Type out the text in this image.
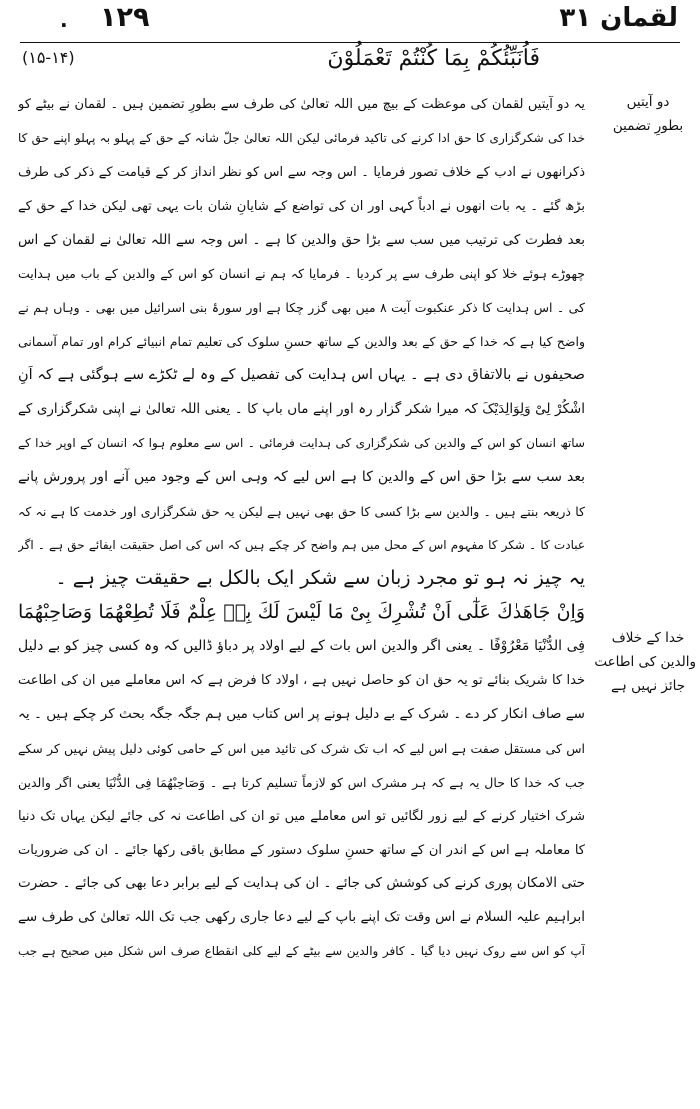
١٢٩
.	لقمان ٣١
فَاُنَبِّئُكُمْ بِمَا كُنْتُمْ تَعْمَلُوْنَ
(۱۵-۱۴)
دو آیتیں
بطورِ تضمین
خدا کے خلاف
والدین کی اطاعت
جائز نہیں ہے
یہ دو آیتیں لقمان کی موعظت کے بیچ میں اللہ تعالیٰ کی طرف سے بطورِ تضمین ہیں ۔ لقمان نے بیٹے کو
خدا کی شکرگزاری کا حق ادا کرنے کی تاکید فرمائی لیکن اللہ تعالیٰ جلّ شانہ کے حق کے پہلو بہ پہلو اپنے حق کا
ذکرانھوں نے ادب کے خلاف تصور فرمایا ۔ اس وجہ سے اس کو نظر انداز کر کے قیامت کے ذکر کی طرف
بڑھ گئے ۔ یہ بات انھوں نے ادباً کہی اور ان کی تواضع کے شایانِ شان بات یہی تھی لیکن خدا کے حق کے
بعد فطرت کی ترتیب میں سب سے بڑا حق والدین کا ہے ۔ اس وجہ سے اللہ تعالیٰ نے لقمان کے اس
چھوڑے ہوئے خلا کو اپنی طرف سے پر کردیا ۔ فرمایا کہ ہم نے انسان کو اس کے والدین کے باب میں ہدایت
کی ۔ اس ہدایت کا ذکر عنکبوت آیت ۸ میں بھی گزر چکا ہے اور سورۂ بنی اسرائیل میں بھی ۔ وہاں ہم نے
واضح کیا ہے کہ خدا کے حق کے بعد والدین کے ساتھ حسنِ سلوک کی تعلیم تمام انبیائے کرام اور تمام آسمانی
صحیفوں نے بالاتفاق دی ہے ۔ یہاں اس ہدایت کی تفصیل کے وہ لے ٹکڑے سے ہوگئی ہے کہ اَنِ
اشْکُرْ لِیْ وَلِوَالِدَیْکَ کہ میرا شکر گزار رہ اور اپنے ماں باپ کا ۔ یعنی اللہ تعالیٰ نے اپنی شکرگزاری کے
ساتھ انسان کو اس کے والدین کی شکرگزاری کی ہدایت فرمائی ۔ اس سے معلوم ہوا کہ انسان کے اوپر خدا کے
بعد سب سے بڑا حق اس کے والدین کا ہے اس لیے کہ وہی اس کے وجود میں آنے اور پرورش پانے
کا ذریعہ بنتے ہیں ۔ والدین سے بڑا کسی کا حق بھی نہیں ہے لیکن یہ حق شکرگزاری اور خدمت کا ہے نہ کہ
عبادت کا ۔ شکر کا مفہوم اس کے محل میں ہم واضح کر چکے ہیں کہ اس کی اصل حقیقت ایفائے حق ہے ۔ اگر
یہ چیز نہ ہو تو مجرد زبان سے شکر ایک بالکل بے حقیقت چیز ہے ۔
وَاِنْ جَاهَدٰكَ عَلٰٓی اَنْ تُشْرِكَ بِیْ مَا لَیْسَ لَكَ بِهٖ عِلْمٌ فَلَا تُطِعْهُمَا وَصَاحِبْهُمَا
فِی الدُّنْیَا مَعْرُوْفًا ۔ یعنی اگر والدین اس بات کے لیے اولاد پر دباؤ ڈالیں کہ وہ کسی چیز کو بے دلیل
خدا کا شریک بنائے تو یہ حق ان کو حاصل نہیں ہے ، اولاد کا فرض ہے کہ اس معاملے میں ان کی اطاعت
سے صاف انکار کر دے ۔ شرک کے بے دلیل ہونے پر اس کتاب میں ہم جگہ جگہ بحث کر چکے ہیں ۔ یہ
اس کی مستقل صفت ہے اس لیے کہ اب تک شرک کی تائید میں اس کے حامی کوئی دلیل پیش نہیں کر سکے
جب کہ خدا کا حال یہ ہے کہ ہر مشرک اس کو لازماً تسلیم کرتا ہے ۔ وَصَاحِبْهُمَا فِی الدُّنْیَا یعنی اگر والدین
شرک اختیار کرنے کے لیے زور لگائیں تو اس معاملے میں تو ان کی اطاعت نہ کی جائے لیکن یہاں تک دنیا
کا معاملہ ہے اس کے اندر ان کے ساتھ حسنِ سلوک دستور کے مطابق باقی رکھا جائے ۔ ان کی ضروریات
حتی الامکان پوری کرنے کی کوشش کی جائے ۔ ان کی ہدایت کے لیے برابر دعا بھی کی جائے ۔ حضرت
ابراہیم علیہ السلام نے اس وقت تک اپنے باپ کے لیے دعا جاری رکھی جب تک اللہ تعالیٰ کی طرف سے
آپ کو اس سے روک نہیں دیا گیا ۔ کافر والدین سے بیٹے کے لیے کلی انقطاع صرف اس شکل میں صحیح ہے جب
